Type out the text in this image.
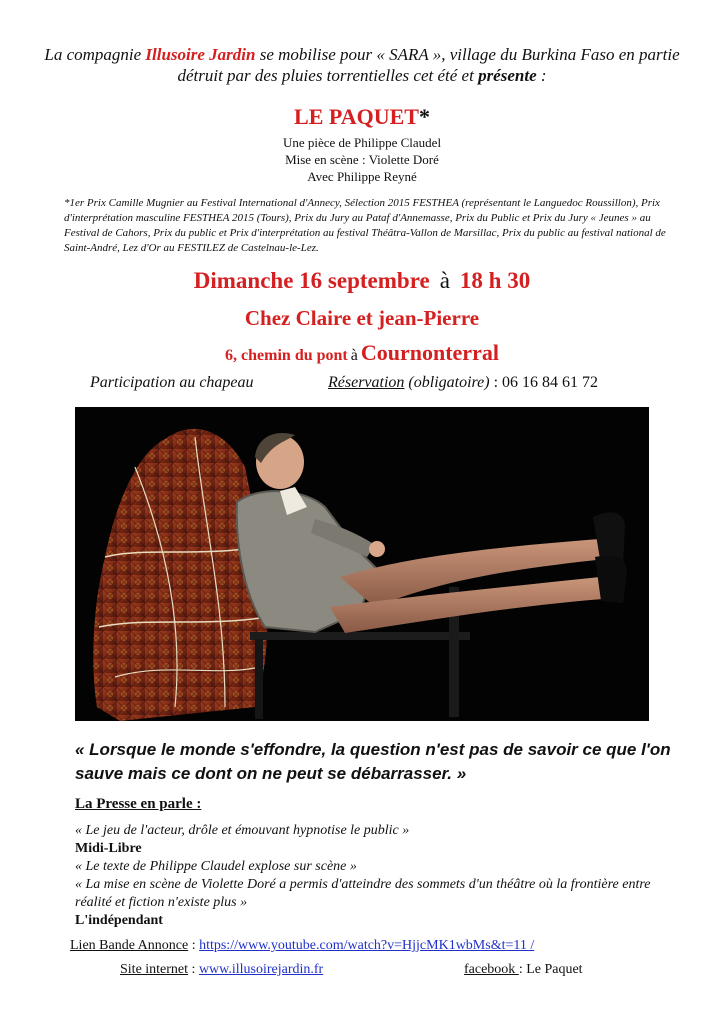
La compagnie Illusoire Jardin se mobilise pour « SARA », village du Burkina Faso en partie détruit par des pluies torrentielles cet été et présente :
LE PAQUET*
Une pièce de Philippe Claudel
Mise en scène : Violette Doré
Avec Philippe Reyné
*1er Prix Camille Mugnier au Festival International d'Annecy, Sélection 2015 FESTHEA (représentant le Languedoc Roussillon), Prix d'interprétation masculine FESTHEA 2015 (Tours), Prix du Jury au Pataf d'Annemasse, Prix du Public et Prix du Jury « Jeunes » au Festival de Cahors, Prix du public et Prix d'interprétation au festival Théâtra-Vallon de Marsillac, Prix du public au festival national de Saint-André, Lez d'Or au FESTILEZ de Castelnau-le-Lez.
Dimanche 16 septembre à 18 h 30
Chez Claire et jean-Pierre
6, chemin du pont à Cournonterral
Participation au chapeau	Réservation (obligatoire) : 06 16 84 61 72
« Lorsque le monde s'effondre, la question n'est pas de savoir ce que l'on sauve mais ce dont on ne peut se débarrasser. »
La Presse en parle :
« Le jeu de l'acteur, drôle et émouvant hypnotise le public »
Midi-Libre
« Le texte de Philippe Claudel explose sur scène »
« La mise en scène de Violette Doré a permis d'atteindre des sommets d'un théâtre où la frontière entre réalité et fiction n'existe plus »
L'indépendant
Lien Bande Annonce : https://www.youtube.com/watch?v=HjjcMK1wbMs&t=11 /
Site internet : www.illusoirejardin.fr	facebook : Le Paquet
